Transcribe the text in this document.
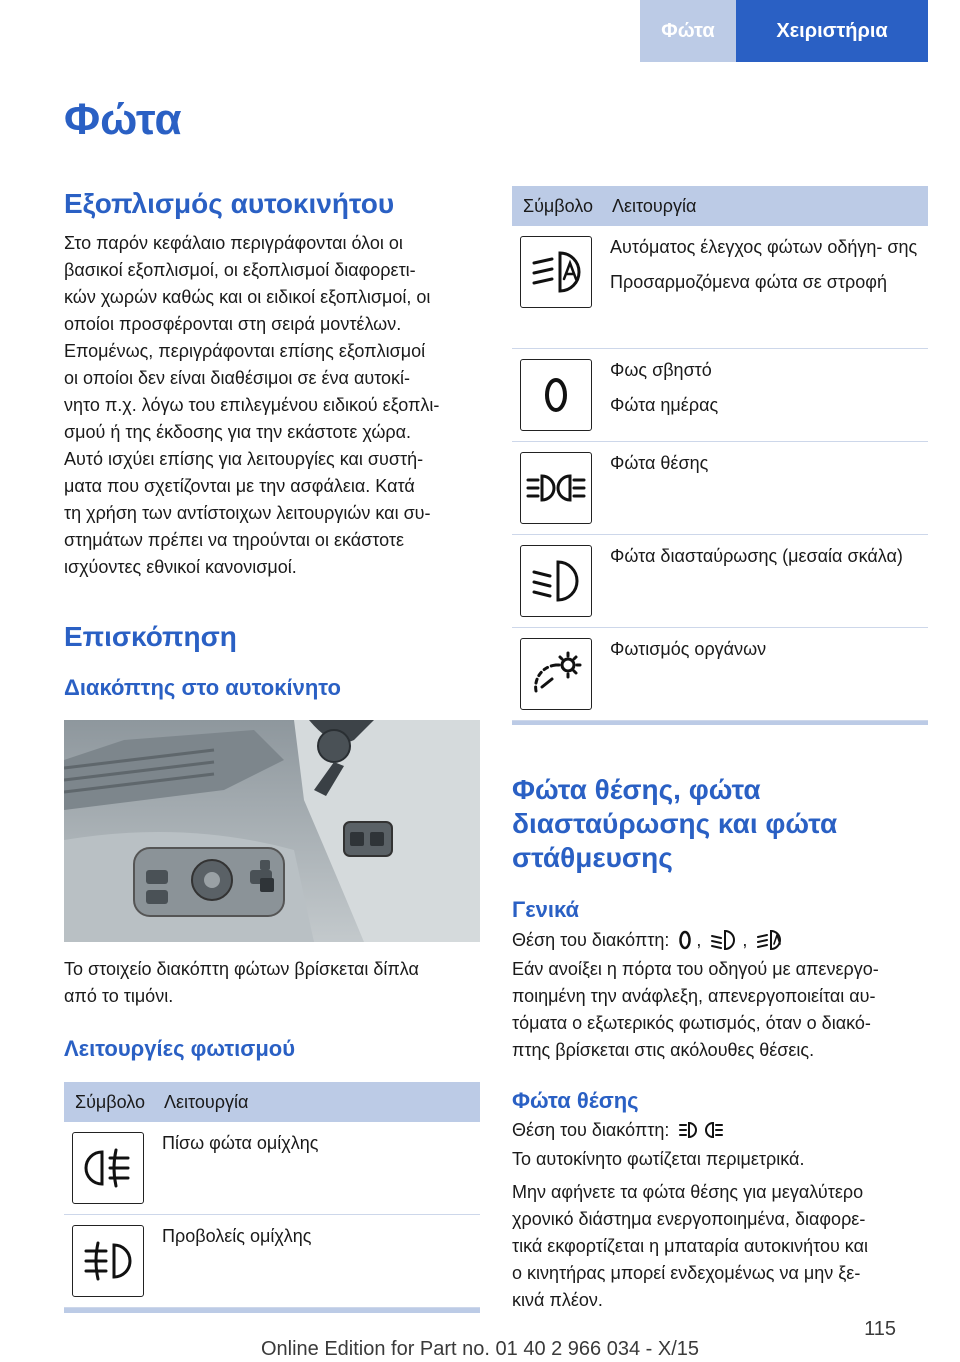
Φώτα	Χειριστήρια
Φώτα
Εξοπλισμός αυτοκινήτου

Στο παρόν κεφάλαιο περιγράφονται όλοι οι
βασικοί εξοπλισμοί, οι εξοπλισμοί διαφορετι‐
κών χωρών καθώς και οι ειδικοί εξοπλισμοί, οι
οποίοι προσφέρονται στη σειρά μοντέλων.
Επομένως, περιγράφονται επίσης εξοπλισμοί
οι οποίοι δεν είναι διαθέσιμοι σε ένα αυτοκί‐
νητο π.χ. λόγω του επιλεγμένου ειδικού εξοπλι‐
σμού ή της έκδοσης για την εκάστοτε χώρα.
Αυτό ισχύει επίσης για λειτουργίες και συστή‐
ματα που σχετίζονται με την ασφάλεια. Κατά
τη χρήση των αντίστοιχων λειτουργιών και συ‐
στημάτων πρέπει να τηρούνται οι εκάστοτε
ισχύοντες εθνικοί κανονισμοί.

Επισκόπηση
Διακόπτης στο αυτοκίνητο

Το στοιχείο διακόπτη φώτων βρίσκεται δίπλα
από το τιμόνι.

Λειτουργίες φωτισμού
Σύμβολο	Λειτουργία

Πίσω φώτα ομίχλης

Προβολείς ομίχλης

Σύμβολο	Λειτουργία

Αυτόματος έλεγχος φώτων οδήγη‐ σης
Προσαρμοζόμενα φώτα σε στροφή

Φως σβηστό
Φώτα ημέρας

Φώτα θέσης

Φώτα διασταύρωσης (μεσαία σκάλα)

Φωτισμός οργάνων

Φώτα θέσης, φώτα
διασταύρωσης και φώτα
στάθμευσης
Γενικά

Θέση του διακόπτη: , ,

Εάν ανοίξει η πόρτα του οδηγού με απενεργο‐
ποιημένη την ανάφλεξη, απενεργοποιείται αυ‐
τόματα ο εξωτερικός φωτισμός, όταν ο διακό‐
πτης βρίσκεται στις ακόλουθες θέσεις.

Φώτα θέσης

Θέση του διακόπτη:

Το αυτοκίνητο φωτίζεται περιμετρικά.

Μην αφήνετε τα φώτα θέσης για μεγαλύτερο
χρονικό διάστημα ενεργοποιημένα, διαφορε‐
τικά εκφορτίζεται η μπαταρία αυτοκινήτου και
ο κινητήρας μπορεί ενδεχομένως να μην ξε‐
κινά πλέον.

115
Online Edition for Part no. 01 40 2 966 034 - X/15
